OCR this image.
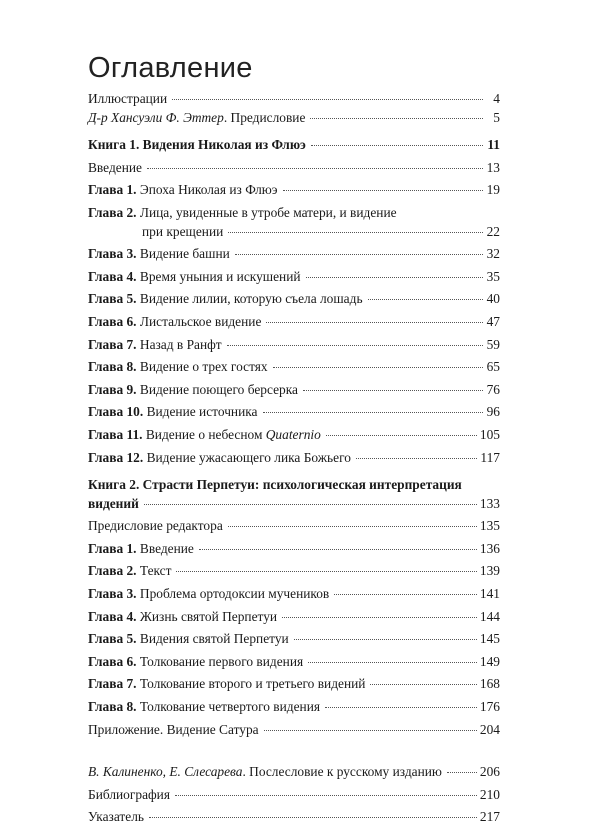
Оглавление
Иллюстрации	4
Д-р Хансуэли Ф. Эттер. Предисловие	5
Книга 1. Видения Николая из Флюэ	11
Введение	13
Глава 1. Эпоха Николая из Флюэ	19
Глава 2. Лица, увиденные в утробе матери, и видение
при крещении	22
Глава 3. Видение башни	32
Глава 4. Время уныния и искушений	35
Глава 5. Видение лилии, которую съела лошадь	40
Глава 6. Листальское видение	47
Глава 7. Назад в Ранфт	59
Глава 8. Видение о трех гостях	65
Глава 9. Видение поющего берсерка	76
Глава 10. Видение источника	96
Глава 11. Видение о небесном Quaternio	105
Глава 12. Видение ужасающего лика Божьего	117
Книга 2. Страсти Перпетуи: психологическая интерпретация
видений	133
Предисловие редактора	135
Глава 1. Введение	136
Глава 2. Текст	139
Глава 3. Проблема ортодоксии мучеников	141
Глава 4. Жизнь святой Перпетуи	144
Глава 5. Видения святой Перпетуи	145
Глава 6. Толкование первого видения	149
Глава 7. Толкование второго и третьего видений	168
Глава 8. Толкование четвертого видения	176
Приложение. Видение Сатура	204
В. Калиненко, Е. Слесарева. Послесловие к русскому изданию	206
Библиография	210
Указатель	217
